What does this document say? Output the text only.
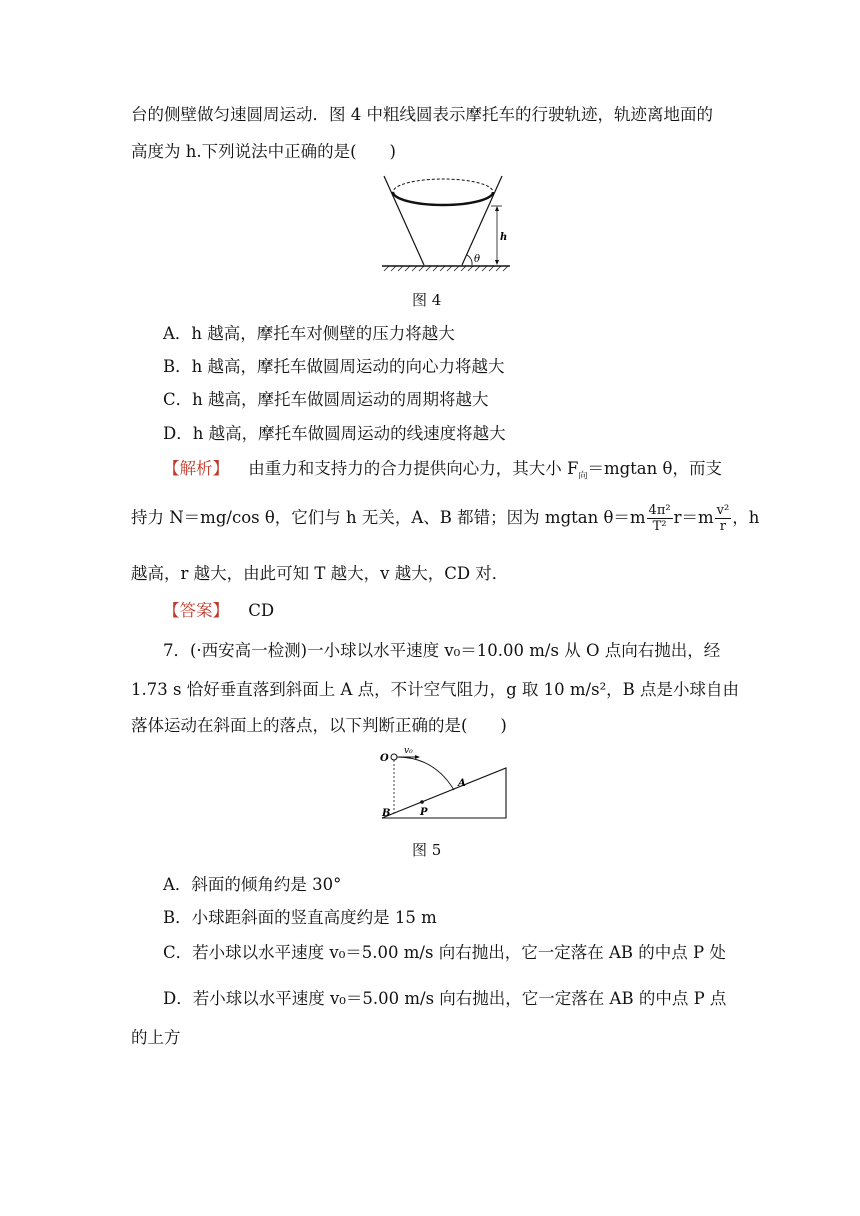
台的侧壁做匀速圆周运动．图 4 中粗线圆表示摩托车的行驶轨迹，轨迹离地面的
高度为 h.下列说法中正确的是(　　)
h
θ
图 4
A．h 越高，摩托车对侧壁的压力将越大
B．h 越高，摩托车做圆周运动的向心力将越大
C．h 越高，摩托车做圆周运动的周期将越大
D．h 越高，摩托车做圆周运动的线速度将越大
【解析】 由重力和支持力的合力提供向心力，其大小 $F_向=mgtan$ θ，而支
持力 N＝mg/cos θ，它们与 h 无关，A、B 都错；因为 mgtan $\theta=m \frac{\text{4π²}}{\text{T²}} r=m \frac{\text{v²}}{r}$ ，h
越高，r 越大，由此可知 T 越大，v 越大，CD 对．
【答案】 CD
7．(·西安高一检测)一小球以水平速度 v₀＝10.00 m/s 从 O 点向右抛出，经
1.73 s 恰好垂直落到斜面上 A 点，不计空气阻力，g 取 10 m/s²，B 点是小球自由
落体运动在斜面上的落点，以下判断正确的是(　　)
O
v₀
A
B	P
图 5
A．斜面的倾角约是 30°
B．小球距斜面的竖直高度约是 15 m
C．若小球以水平速度 v₀＝5.00 m/s 向右抛出，它一定落在 AB 的中点 P 处
D．若小球以水平速度 v₀＝5.00 m/s 向右抛出，它一定落在 AB 的中点 P 点
的上方
